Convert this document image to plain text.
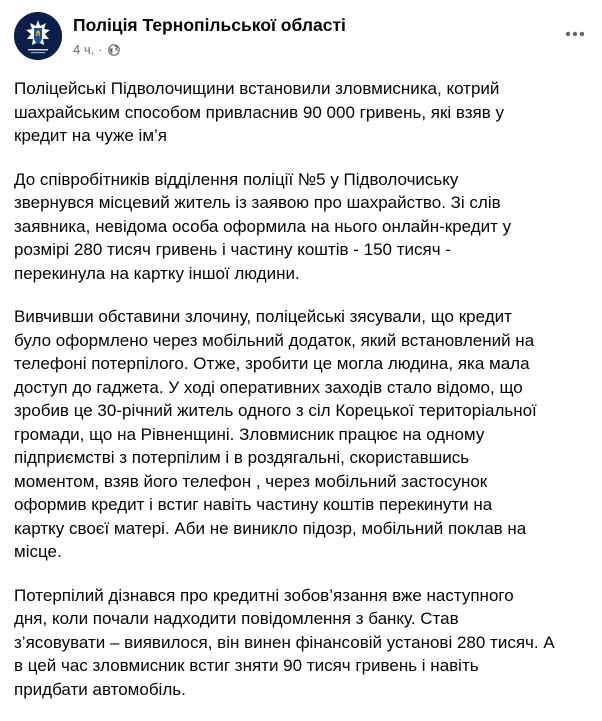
Поліція Тернопільської області
4 ч. ·

Поліцейські Підволочищини встановили зловмисника, котрий
шахрайським способом привласнив 90 000 гривень, які взяв у
кредит на чуже ім’я

До співробітників відділення поліції №5 у Підволочиську
звернувся місцевий житель із заявою про шахрайство. Зі слів
заявника, невідома особа оформила на нього онлайн-кредит у
розмірі 280 тисяч гривень і частину коштів - 150 тисяч -
перекинула на картку іншої людини.

Вивчивши обставини злочину, поліцейські зясували, що кредит
було оформлено через мобільний додаток, який встановлений на
телефоні потерпілого. Отже, зробити це могла людина, яка мала
доступ до гаджета. У ході оперативних заходів стало відомо, що
зробив це 30-річний житель одного з сіл Корецької територіальної
громади, що на Рівненщині. Зловмисник працює на одному
підприємстві з потерпілим і в роздягальні, скориставшись
моментом, взяв його телефон , через мобільний застосунок
оформив кредит і встиг навіть частину коштів перекинути на
картку своєї матері. Аби не виникло підозр, мобільний поклав на
місце.

Потерпілий дізнався про кредитні зобов’язання вже наступного
дня, коли почали надходити повідомлення з банку. Став
з’ясовувати – виявилося, він винен фінансовій установі 280 тисяч. А
в цей час зловмисник встиг зняти 90 тисяч гривень і навіть
придбати автомобіль.
